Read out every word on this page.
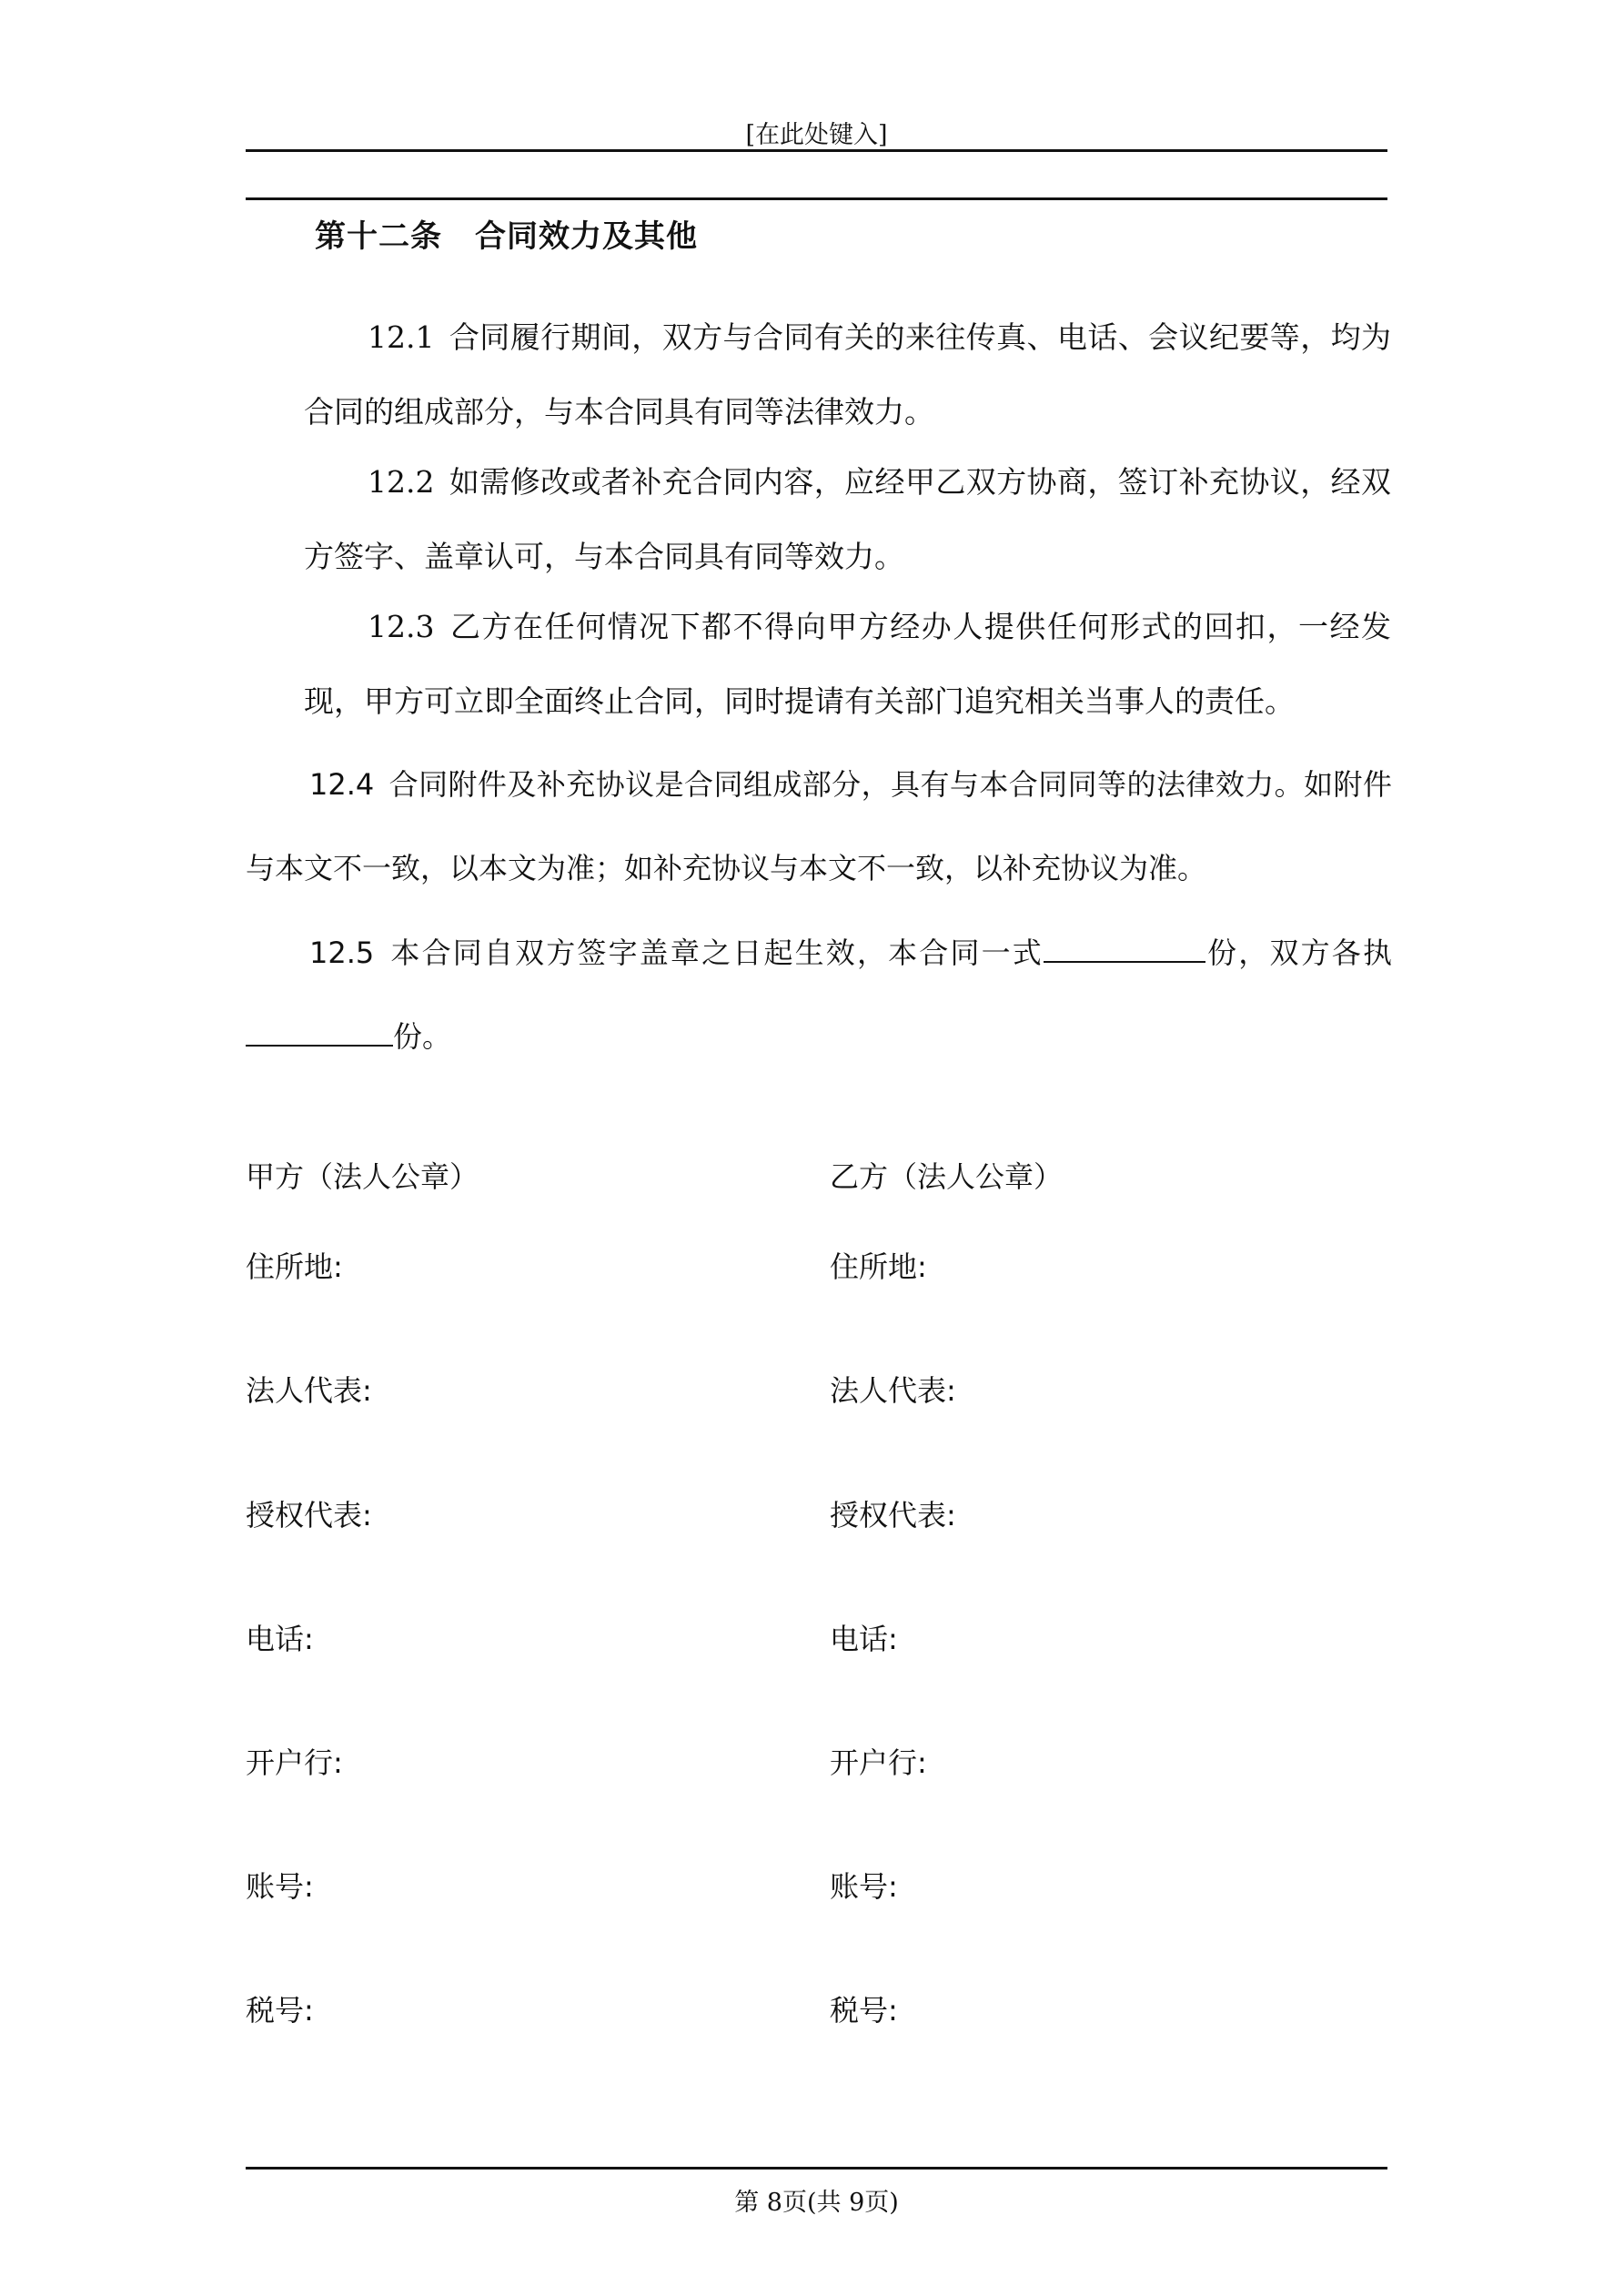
[在此处键入]
第十二条 合同效力及其他
12.1 合同履行期间，双方与合同有关的来往传真、电话、会议纪要等，均为合同的组成部分，与本合同具有同等法律效力。
12.2 如需修改或者补充合同内容，应经甲乙双方协商，签订补充协议，经双方签字、盖章认可，与本合同具有同等效力。
12.3 乙方在任何情况下都不得向甲方经办人提供任何形式的回扣，一经发现，甲方可立即全面终止合同，同时提请有关部门追究相关当事人的责任。
12.4 合同附件及补充协议是合同组成部分，具有与本合同同等的法律效力。如附件与本文不一致，以本文为准；如补充协议与本文不一致，以补充协议为准。
12.5 本合同自双方签字盖章之日起生效，本合同一式	份，双方各执份。
甲方（法人公章）
住所地:
法人代表:
授权代表:
电话:
开户行:
账号:
税号:
乙方（法人公章）
住所地:
法人代表:
授权代表:
电话:
开户行:
账号:
税号:
第 8页(共 9页)
